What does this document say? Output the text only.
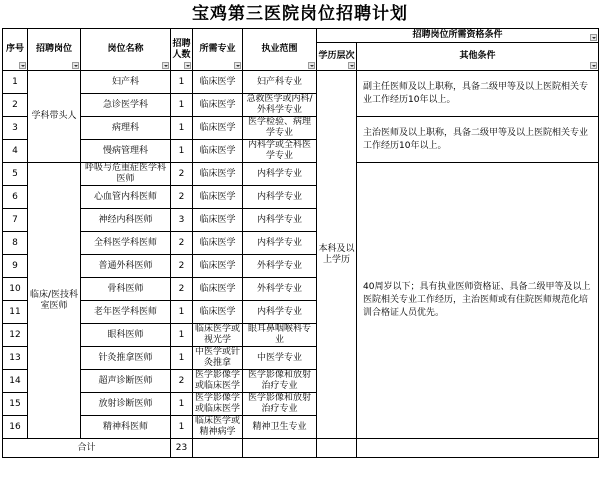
宝鸡第三医院岗位招聘计划
序号	招聘岗位	岗位名称	招聘人数	所需专业	执业范围	招聘岗位所需资格条件	

						学历层次	其他条件

1	学科带头人	妇产科	1	临床医学	妇产科专业	本科及以上学历	副主任医师及以上职称，具备二级甲等及以上医院相关专业工作经历10年以上。
2		急诊医学科	1	临床医学	急救医学或内科/外科学专业		
3		病理科	1	临床医学	医学检验、病理学专业		主治医师及以上职称，具备二级甲等及以上医院相关专业工作经历10年以上。
4		慢病管理科	1	临床医学	内科学或全科医学专业		
5	临床/医技科室医师	呼吸与危重症医学科医师	2	临床医学	内科学专业		40周岁以下；具有执业医师资格证、具备二级甲等及以上医院相关专业工作经历，主治医师或有住院医师规范化培训合格证人员优先。
6		心血管内科医师	2	临床医学	内科学专业		
7		神经内科医师	3	临床医学	内科学专业		
8		全科医学科医师	2	临床医学	内科学专业		
9		普通外科医师	2	临床医学	外科学专业		
10		骨科医师	2	临床医学	外科学专业		
11		老年医学科医师	1	临床医学	内科学专业		
12		眼科医师	1	临床医学或视光学	眼耳鼻咽喉科专业		
13		针灸推拿医师	1	中医学或针灸推拿	中医学专业		
14		超声诊断医师	2	医学影像学或临床医学	医学影像和放射治疗专业		
15		放射诊断医师	1	医学影像学或临床医学	医学影像和放射治疗专业		
16		精神科医师	1	临床医学或精神病学	精神卫生专业		
合计			23				
